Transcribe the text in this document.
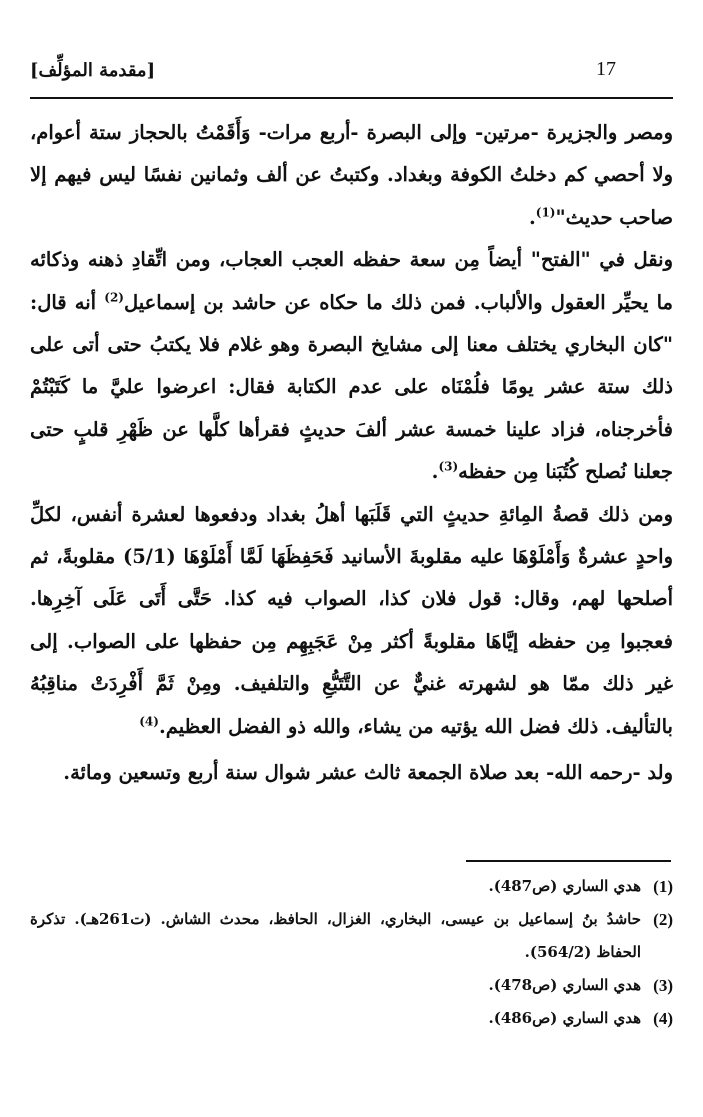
17
[مقدمة المؤلِّف]

ومصر والجزيرة -مرتين- وإلى البصرة -أربع مرات- وَأَقَمْتُ بالحجاز ستة أعوام، ولا أحصي كم دخلتُ الكوفة وبغداد. وكتبتُ عن ألف وثمانين نفسًا ليس فيهم إلا صاحب حديث"$^{(1)}$.

ونقل في "الفتح" أيضاً مِن سعة حفظه العجب العجاب، ومن اتِّقادِ ذهنه وذكائه ما يحيِّر العقول والألباب. فمن ذلك ما حكاه عن حاشد بن إسماعيل$^{(2)}$ أنه قال: "كان البخاري يختلف معنا إلى مشايخ البصرة وهو غلام فلا يكتبُ حتى أتى على ذلك ستة عشر يومًا فلُمْنَاه على عدم الكتابة فقال: اعرضوا عليَّ ما كَتَبْتُمْ فأخرجناه، فزاد علينا خمسة عشر ألفَ حديثٍ فقرأها كلَّها عن ظَهْرِ قلبٍ حتى جعلنا نُصلح كُتُبَنا مِن حفظه$^{(3)}$.

ومن ذلك قصةُ المِائةِ حديثٍ التي قَلَبَها أهلُ بغداد ودفعوها لعشرة أنفس، لكلِّ واحدٍ عشرةٌ وَأَمْلَوْهَا عليه مقلوبةَ الأسانيد فَحَفِظَهَا لَمَّا أَمْلَوْهَا (5/1) مقلوبةً، ثم أصلحها لهم، وقال: قول فلان كذا، الصواب فيه كذا. حَتَّى أَتَى عَلَى آخِرِها. فعجبوا مِن حفظه إيَّاهَا مقلوبةً أكثر مِنْ عَجَبِهِم مِن حفظها على الصواب. إلى غير ذلك ممّا هو لشهرته غنيٌّ عن التَّتَبُّعِ والتلفيف. ومِنْ ثَمَّ أَفْرِدَتْ مناقِبُهُ بالتأليف. ذلك فضل الله يؤتيه من يشاء، والله ذو الفضل العظيم.$^{(4)}$

ولد -رحمه الله- بعد صلاة الجمعة ثالث عشر شوال سنة أربع وتسعين ومائة.

(1)
هدي الساري (ص487).
(2)
حاشدُ بنُ إسماعيل بن عيسى، البخاري، الغزال، الحافظ، محدث الشاش. (ت261هـ). تذكرة الحفاظ (564/2).
(3)
هدي الساري (ص478).
(4)
هدي الساري (ص486).
